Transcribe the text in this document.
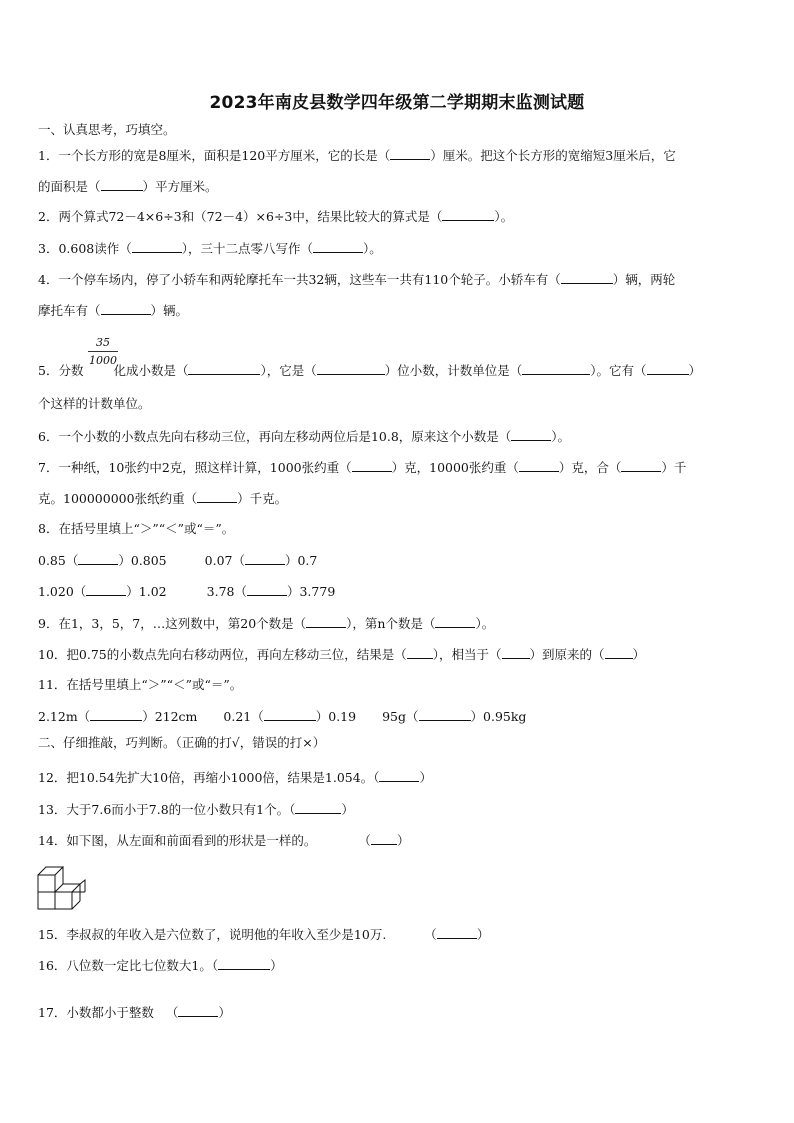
2023年南皮县数学四年级第二学期期末监测试题
一、认真思考，巧填空。
1．一个长方形的宽是8厘米，面积是120平方厘米，它的长是（	）厘米。把这个长方形的宽缩短3厘米后，它
的面积是（	）平方厘米。
2．两个算式72－4×6÷3和（72－4）×6÷3中，结果比较大的算式是（	）。
3．0.608读作（	），三十二点零八写作（	）。
4．一个停车场内，停了小轿车和两轮摩托车一共32辆，这些车一共有110个轮子。小轿车有（	）辆，两轮
摩托车有（	）辆。
$\frac{35}{1000}$
5．分数 化成小数是（	），它是（	）位小数，计数单位是（	）。它有（	）
个这样的计数单位。
6．一个小数的小数点先向右移动三位，再向左移动两位后是10.8，原来这个小数是（	）。
7．一种纸，10张约中2克，照这样计算，1000张约重（	）克，10000张约重（	）克，合（	）千
克。100000000张纸约重（	）千克。
8．在括号里填上“＞”“＜”或“＝”。
0.85（	）0.805	0.07（	）0.7
1.020（	）1.02	3.78（	）3.779
9．在1，3，5，7，…这列数中，第20个数是（	），第n个数是（	）。
10．把0.75的小数点先向右移动两位，再向左移动三位，结果是（ ），相当于（ ）到原来的（ ）
11．在括号里填上“＞”“＜”或“＝”。
2.12m（	）212cm 0.21（	）0.19 95g（	）0.95kg
二、仔细推敲，巧判断。（正确的打√，错误的打×）
12．把10.54先扩大10倍，再缩小1000倍，结果是1.054。（	）
13．大于7.6而小于7.8的一位小数只有1个。（	）
14．如下图，从左面和前面看到的形状是一样的。	（ ）
15．李叔叔的年收入是六位数了，说明他的年收入至少是10万.	（	）
16．八位数一定比七位数大1。（	）
17．小数都小于整数 （	）
